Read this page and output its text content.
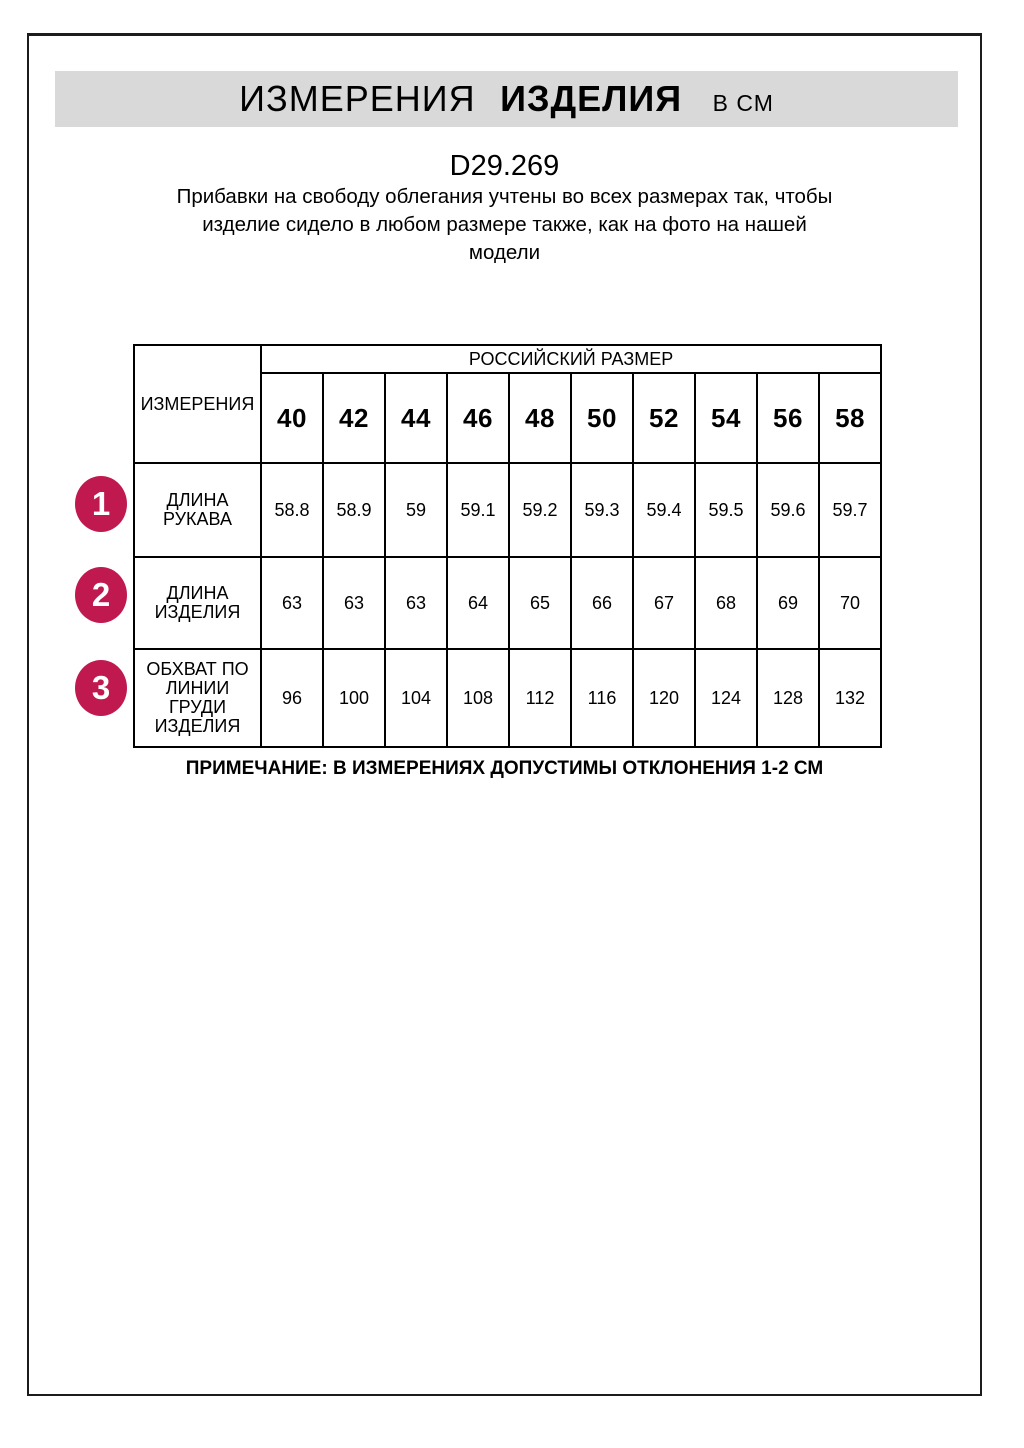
ИЗМЕРЕНИЯ ИЗДЕЛИЯ В СМ
D29.269
Прибавки на свободу облегания учтены во всех размерах так, чтобы
изделие сидело в любом размере также, как на фото на нашей
модели
ИЗМЕРЕНИЯ	РОССИЙСКИЙ РАЗМЕР									
	40	42	44	46	48	50	52	54	56	58
ДЛИНА РУКАВА	58.8	58.9	59	59.1	59.2	59.3	59.4	59.5	59.6	59.7
ДЛИНА ИЗДЕЛИЯ	63	63	63	64	65	66	67	68	69	70
ОБХВАТ ПО ЛИНИИ ГРУДИ ИЗДЕЛИЯ	96	100	104	108	112	116	120	124	128	132
1
2
3
ПРИМЕЧАНИЕ: В ИЗМЕРЕНИЯХ ДОПУСТИМЫ ОТКЛОНЕНИЯ 1-2 СМ
